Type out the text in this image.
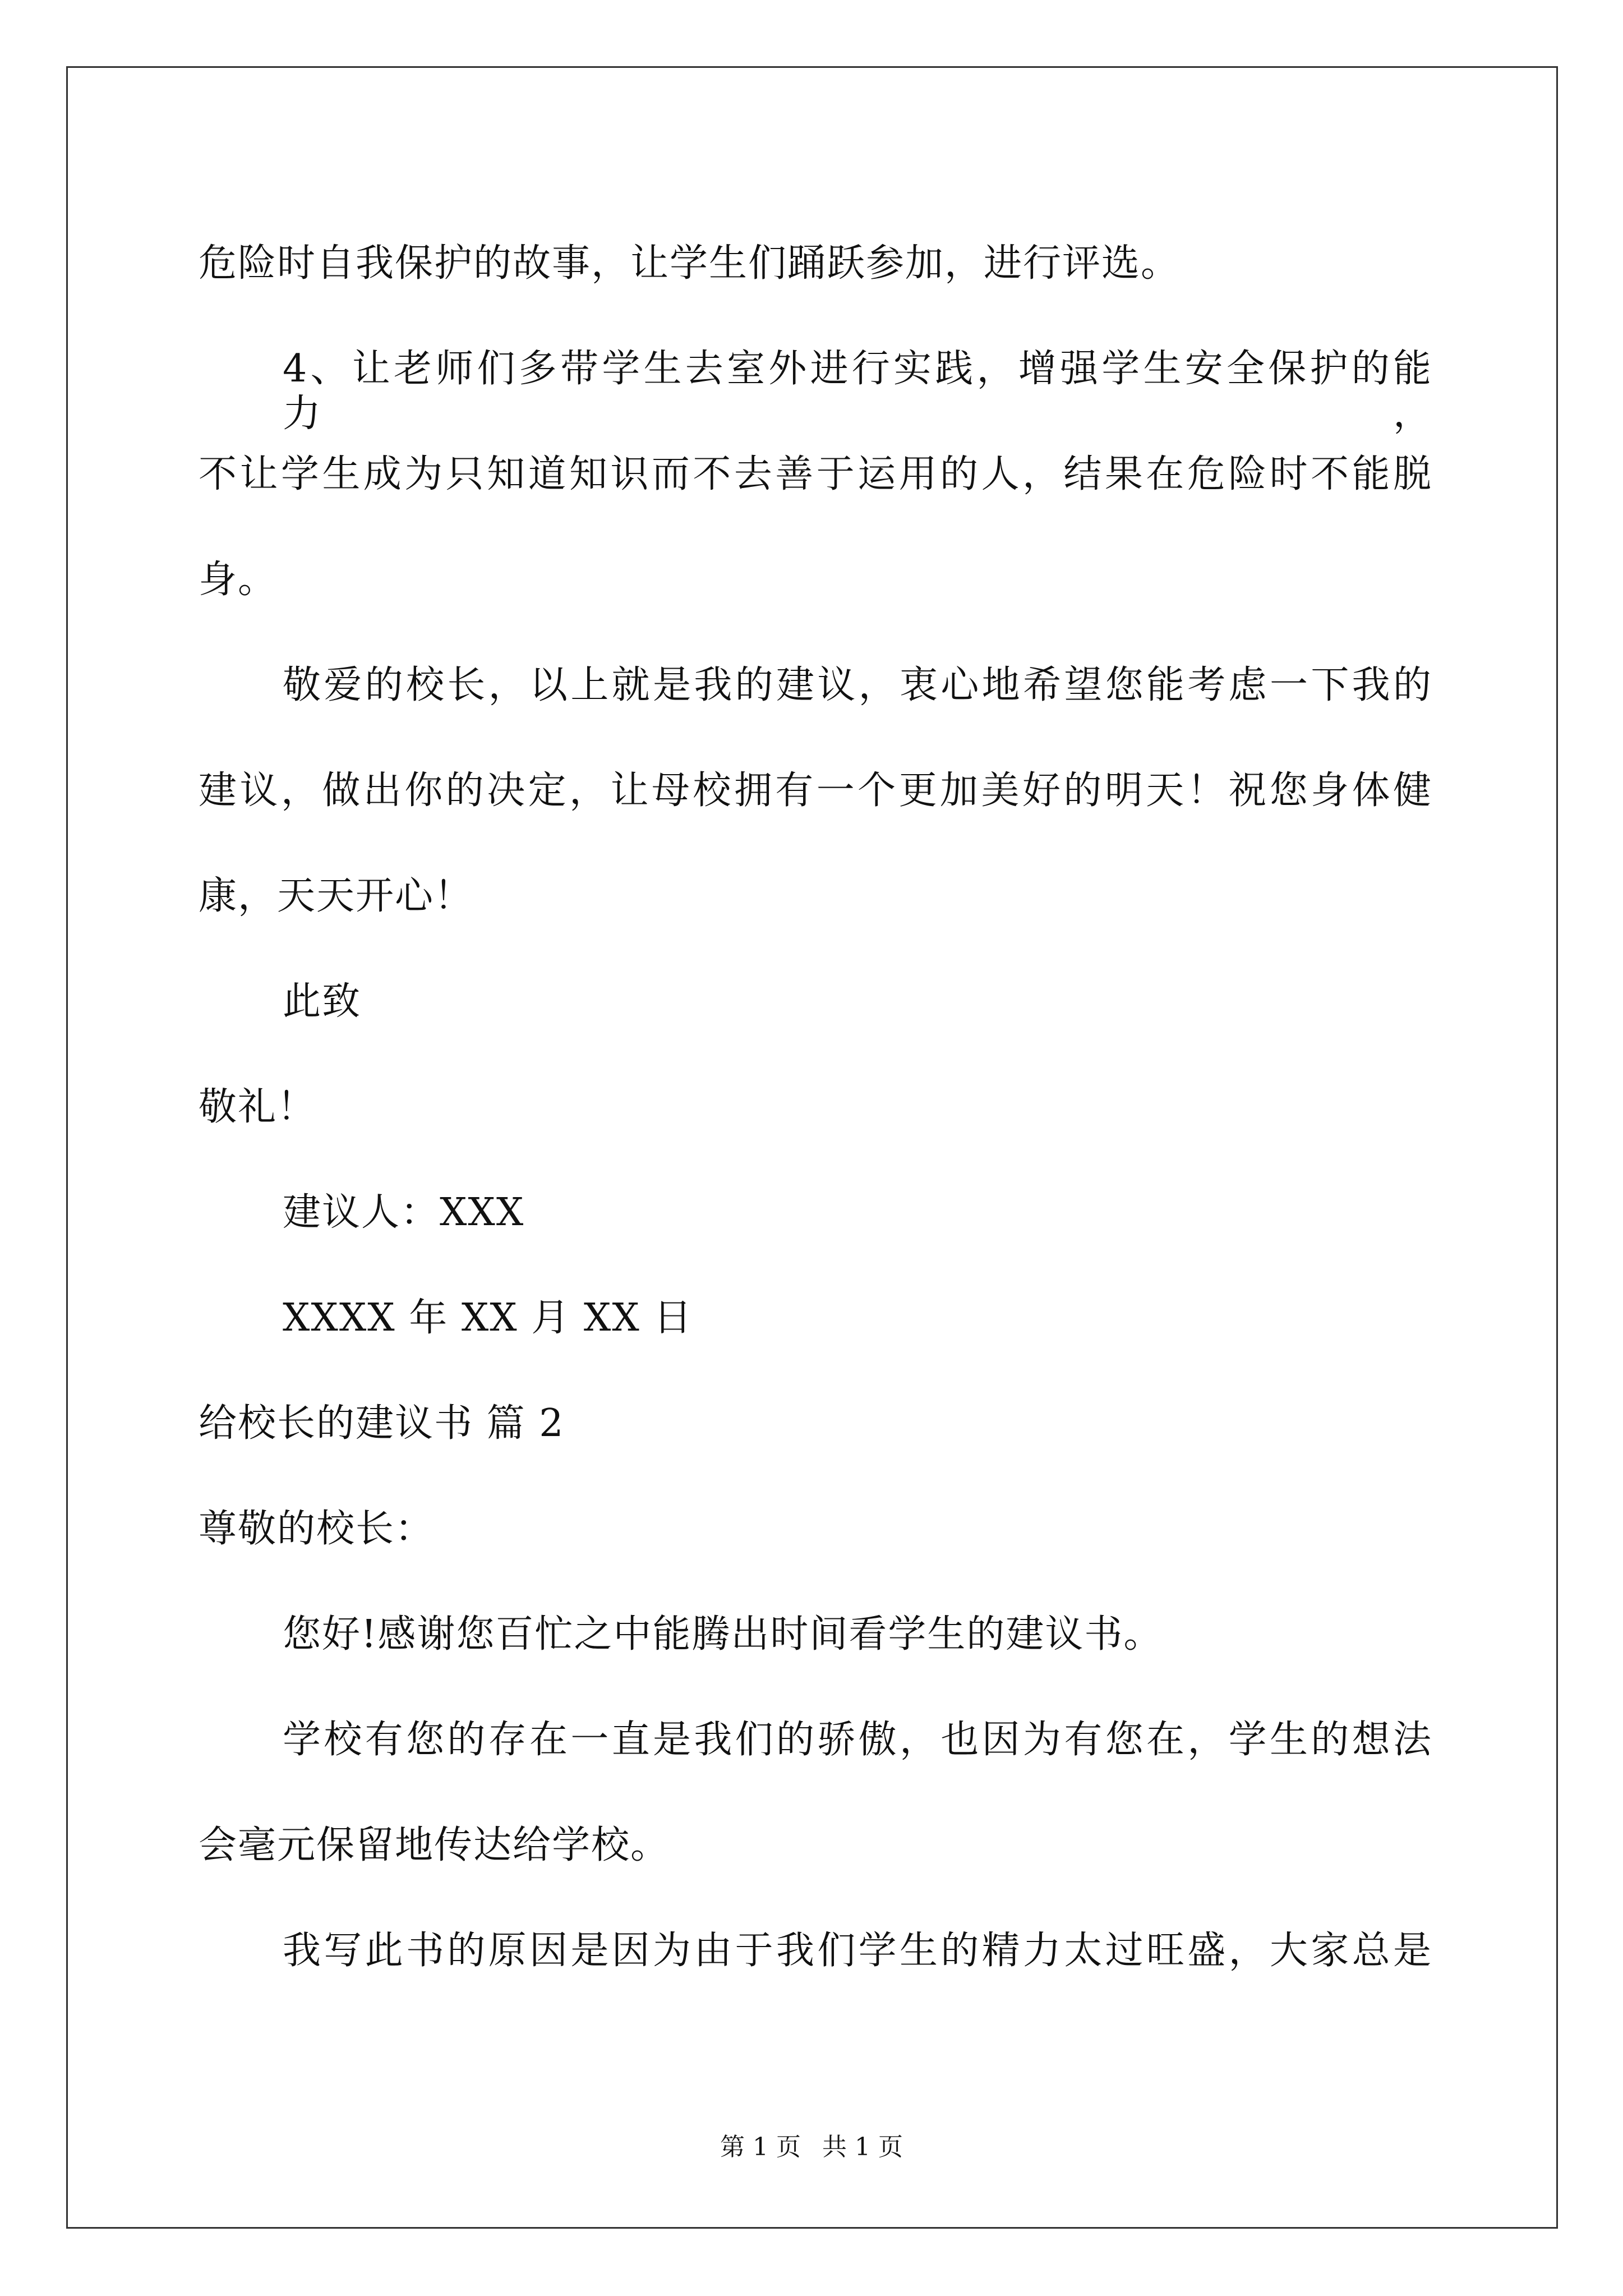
危险时自我保护的故事，让学生们踊跃参加，进行评选。
4、让老师们多带学生去室外进行实践，增强学生安全保护的能力，
不让学生成为只知道知识而不去善于运用的人，结果在危险时不能脱
身。
敬爱的校长，以上就是我的建议，衷心地希望您能考虑一下我的
建议，做出你的决定，让母校拥有一个更加美好的明天！祝您身体健
康，天天开心！
此致
敬礼！
建议人：XXX
XXXX 年 XX 月 XX 日
给校长的建议书 篇 2
尊敬的校长：
您好!感谢您百忙之中能腾出时间看学生的建议书。
学校有您的存在一直是我们的骄傲，也因为有您在，学生的想法
会毫元保留地传达给学校。
我写此书的原因是因为由于我们学生的精力太过旺盛，大家总是
第 1 页 共 1 页
